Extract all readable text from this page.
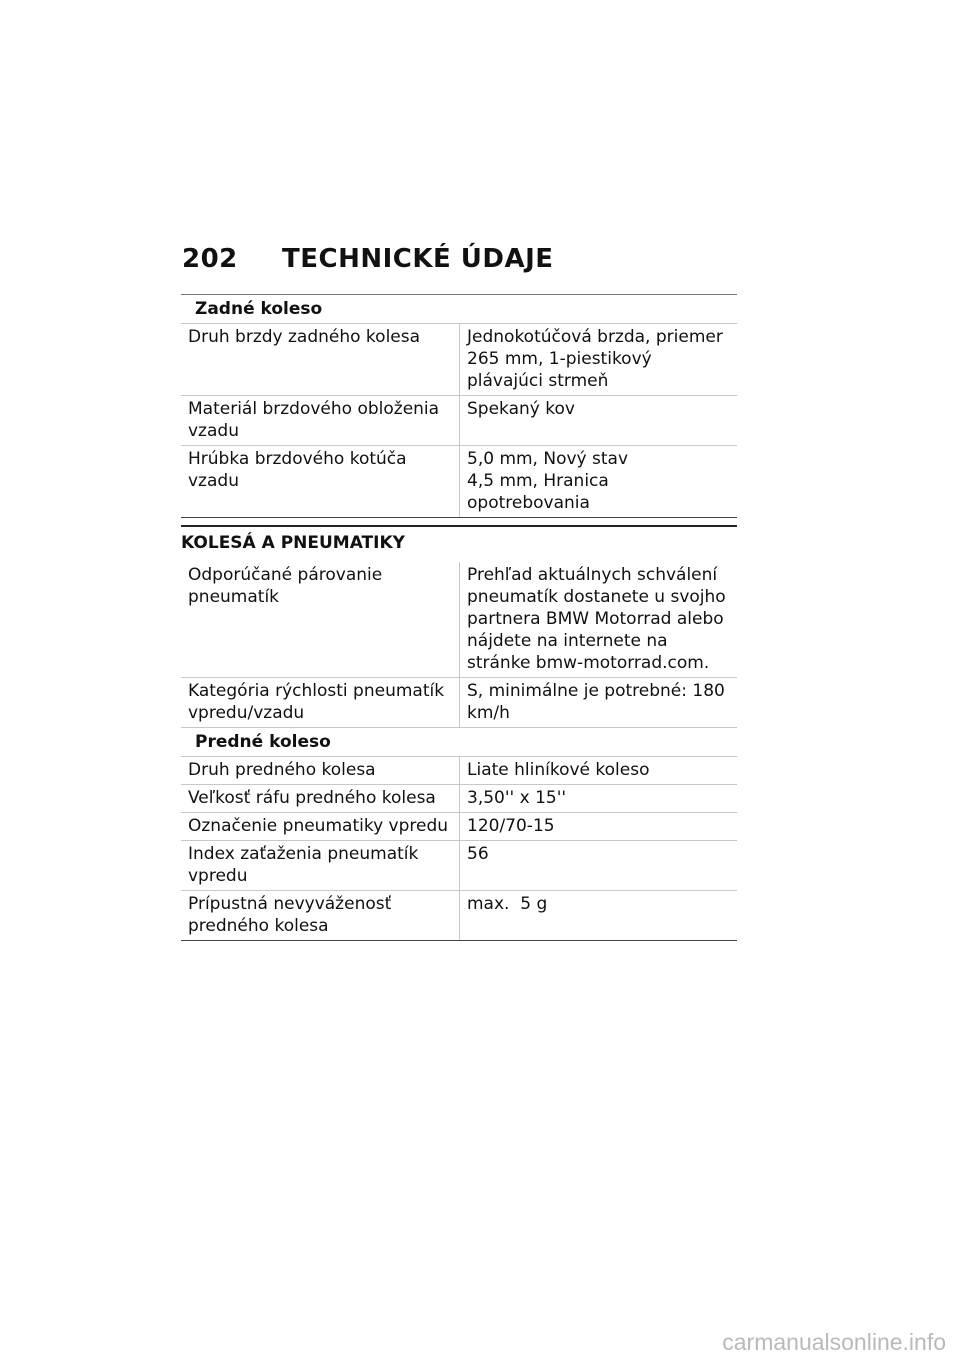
202	TECHNICKÉ ÚDAJE
Zadné koleso	
Druh brzdy zadného kolesa	Jednokotúčová brzda, priemer 265 mm, 1-piestikový plávajúci strmeň
Materiál brzdového obloženia vzadu	Spekaný kov
Hrúbka brzdového kotúča vzadu	5,0 mm, Nový stav
4,5 mm, Hranica opotrebovania
KOLESÁ A PNEUMATIKY
Odporúčané párovanie pneumatík	Prehľad aktuálnych schválení pneumatík dostanete u svojho partnera BMW Motorrad alebo nájdete na internete na stránke bmw-motorrad.com.
Kategória rýchlosti pneumatík vpredu/vzadu	S, minimálne je potrebné: 180 km/h
Predné koleso	
Druh predného kolesa	Liate hliníkové koleso
Veľkosť ráfu predného kolesa	3,50'' x 15''
Označenie pneumatiky vpredu	120/70-15
Index zaťaženia pneumatík vpredu	56
Prípustná nevyváženosť predného kolesa	max.  5 g
carmanualsonline.info
